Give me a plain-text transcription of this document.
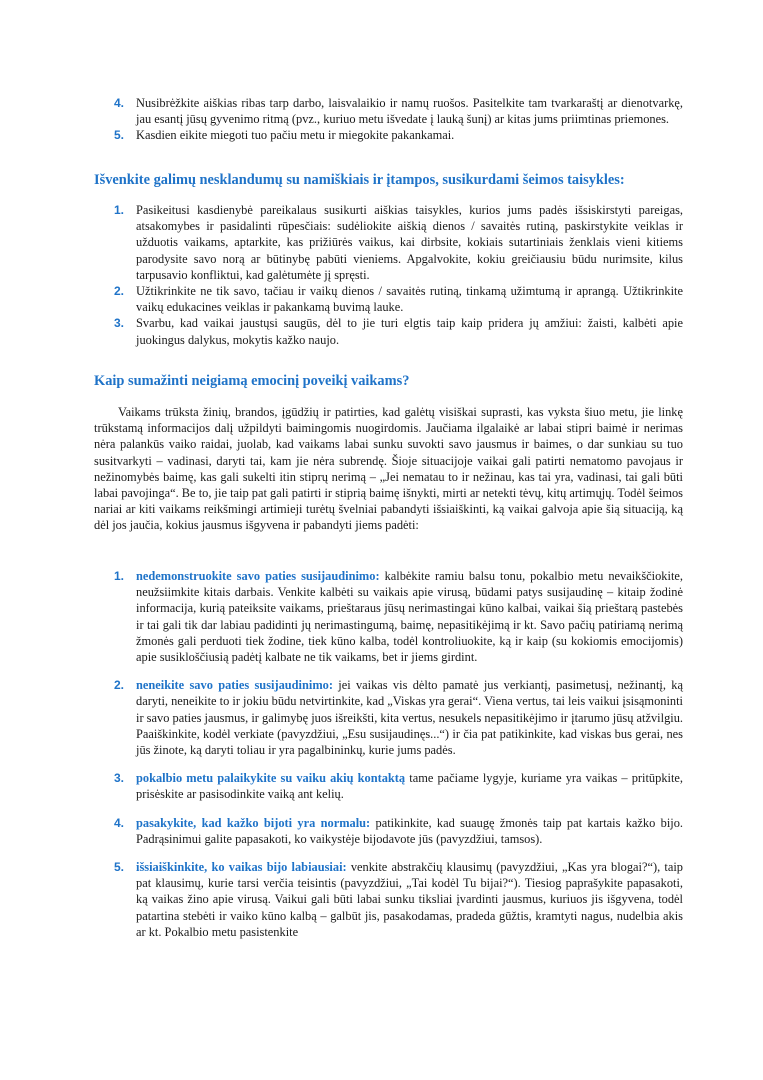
4. Nusibrėžkite aiškias ribas tarp darbo, laisvalaikio ir namų ruošos. Pasitelkite tam tvarkaraštį ar dienotvarkę, jau esantį jūsų gyvenimo ritmą (pvz., kuriuo metu išvedate į lauką šunį) ar kitas jums priimtinas priemones.
5. Kasdien eikite miegoti tuo pačiu metu ir miegokite pakankamai.
Išvenkite galimų nesklandumų su namiškiais ir įtampos, susikurdami šeimos taisykles:
1. Pasikeitusi kasdienybė pareikalaus susikurti aiškias taisykles, kurios jums padės išsiskirstyti pareigas, atsakomybes ir pasidalinti rūpesčiais: sudėliokite aiškią dienos / savaitės rutiną, paskirstykite veiklas ir užduotis vaikams, aptarkite, kas prižiūrės vaikus, kai dirbsite, kokiais sutartiniais ženklais vieni kitiems parodysite savo norą ar būtinybę pabūti vieniems. Apgalvokite, kokiu greičiausiu būdu nurimsite, kilus tarpusavio konfliktui, kad galėtumėte jį spręsti.
2. Užtikrinkite ne tik savo, tačiau ir vaikų dienos / savaitės rutiną, tinkamą užimtumą ir aprangą. Užtikrinkite vaikų edukacines veiklas ir pakankamą buvimą lauke.
3. Svarbu, kad vaikai jaustųsi saugūs, dėl to jie turi elgtis taip kaip pridera jų amžiui: žaisti, kalbėti apie juokingus dalykus, mokytis kažko naujo.
Kaip sumažinti neigiamą emocinį poveikį vaikams?
Vaikams trūksta žinių, brandos, įgūdžių ir patirties, kad galėtų visiškai suprasti, kas vyksta šiuo metu, jie linkę trūkstamą informacijos dalį užpildyti baimingomis nuogirdomis. Jaučiama ilgalaikė ar labai stipri baimė ir nerimas nėra palankūs vaiko raidai, juolab, kad vaikams labai sunku suvokti savo jausmus ir baimes, o dar sunkiau su tuo susitvarkyti – vadinasi, daryti tai, kam jie nėra subrendę. Šioje situacijoje vaikai gali patirti nematomo pavojaus ir nežinomybės baimę, kas gali sukelti itin stiprų nerimą – „Jei nematau to ir nežinau, kas tai yra, vadinasi, tai gali būti labai pavojinga“. Be to, jie taip pat gali patirti ir stiprią baimę išnykti, mirti ar netekti tėvų, kitų artimųjų. Todėl šeimos nariai ar kiti vaikams reikšmingi artimieji turėtų švelniai pabandyti išsiaiškinti, ką vaikai galvoja apie šią situaciją, ką dėl jos jaučia, kokius jausmus išgyvena ir pabandyti jiems padėti:
1. nedemonstruokite savo paties susijaudinimo: kalbėkite ramiu balsu tonu, pokalbio metu nevaikščiokite, neužsiimkite kitais darbais. Venkite kalbėti su vaikais apie virusą, būdami patys susijaudinę – kitaip žodinė informacija, kurią pateiksite vaikams, prieštaraus jūsų nerimastingai kūno kalbai, vaikai šią prieštarą pastebės ir tai gali tik dar labiau padidinti jų nerimastingumą, baimę, nepasitikėjimą ir kt. Savo pačių patiriamą nerimą žmonės gali perduoti tiek žodine, tiek kūno kalba, todėl kontroliuokite, ką ir kaip (su kokiomis emocijomis) apie susikloščiusią padėtį kalbate ne tik vaikams, bet ir jiems girdint.
2. neneikite savo paties susijaudinimo: jei vaikas vis dėlto pamatė jus verkiantį, pasimetusį, nežinantį, ką daryti, neneikite to ir jokiu būdu netvirtinkite, kad „Viskas yra gerai“. Viena vertus, tai leis vaikui įsisąmoninti ir savo paties jausmus, ir galimybę juos išreikšti, kita vertus, nesukels nepasitikėjimo ir įtarumo jūsų atžvilgiu. Paaiškinkite, kodėl verkiate (pavyzdžiui, „Esu susijaudinęs...“) ir čia pat patikinkite, kad viskas bus gerai, nes jūs žinote, ką daryti toliau ir yra pagalbininkų, kurie jums padės.
3. pokalbio metu palaikykite su vaiku akių kontaktą tame pačiame lygyje, kuriame yra vaikas – pritūpkite, prisėskite ar pasisodinkite vaiką ant kelių.
4. pasakykite, kad kažko bijoti yra normalu: patikinkite, kad suaugę žmonės taip pat kartais kažko bijo. Padrąsinimui galite papasakoti, ko vaikystėje bijodavote jūs (pavyzdžiui, tamsos).
5. išsiaiškinkite, ko vaikas bijo labiausiai: venkite abstrakčių klausimų (pavyzdžiui, „Kas yra blogai?“), taip pat klausimų, kurie tarsi verčia teisintis (pavyzdžiui, „Tai kodėl Tu bijai?“). Tiesiog paprašykite papasakoti, ką vaikas žino apie virusą. Vaikui gali būti labai sunku tiksliai įvardinti jausmus, kuriuos jis išgyvena, todėl patartina stebėti ir vaiko kūno kalbą – galbūt jis, pasakodamas, pradeda gūžtis, kramtyti nagus, nudelbia akis ar kt. Pokalbio metu pasistenkite
